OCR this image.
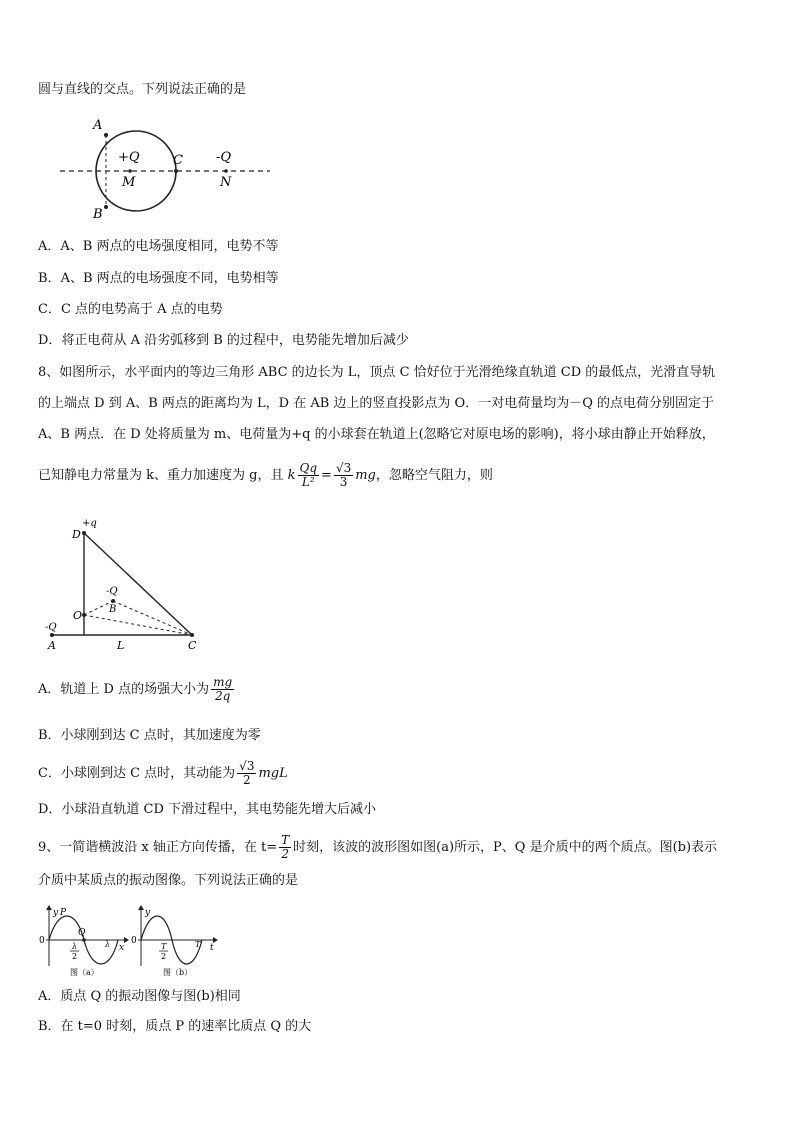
圆与直线的交点。下列说法正确的是
A
B
C
+Q
M
-Q
N
A．A、B 两点的电场强度相同，电势不等
B．A、B 两点的电场强度不同，电势相等
C．C 点的电势高于 A 点的电势
D．将正电荷从 A 沿劣弧移到 B 的过程中，电势能先增加后减少
8、如图所示，水平面内的等边三角形 ABC 的边长为 L，顶点 C 恰好位于光滑绝缘直轨道 CD 的最低点，光滑直导轨
的上端点 D 到 A、B 两点的距离均为 L，D 在 AB 边上的竖直投影点为 O．一对电荷量均为－Q 的点电荷分别固定于
A、B 两点．在 D 处将质量为 m、电荷量为+q 的小球套在轨道上(忽略它对原电场的影响)，将小球由静止开始释放，
已知静电力常量为 k、重力加速度为 g，且 k $\frac{Qq}{\text{L²}} = \frac{√3}{3}$ mg，忽略空气阻力，则
D
+q
-Q
B
O
-Q
A	L	C
A．轨道上 D 点的场强大小为 $\frac{mg}{2q}$
B．小球刚到达 C 点时，其加速度为零
C．小球刚到达 C 点时，其动能为 $\frac{√3}{2}$ mgL
D．小球沿直轨道 CD 下滑过程中，其电势能先增大后减小
9、一简谐横波沿 x 轴正方向传播，在 $t= \frac{T}{2}$ 时刻，该波的波形图如图(a)所示，P、Q 是介质中的两个质点。图(b)表示
介质中某质点的振动图像。下列说法正确的是
y P
0
Q
λ
2
λ x
图（a）
y
0
T
2
T t
图（b）
A．质点 Q 的振动图像与图(b)相同
B．在 t=0 时刻，质点 P 的速率比质点 Q 的大
